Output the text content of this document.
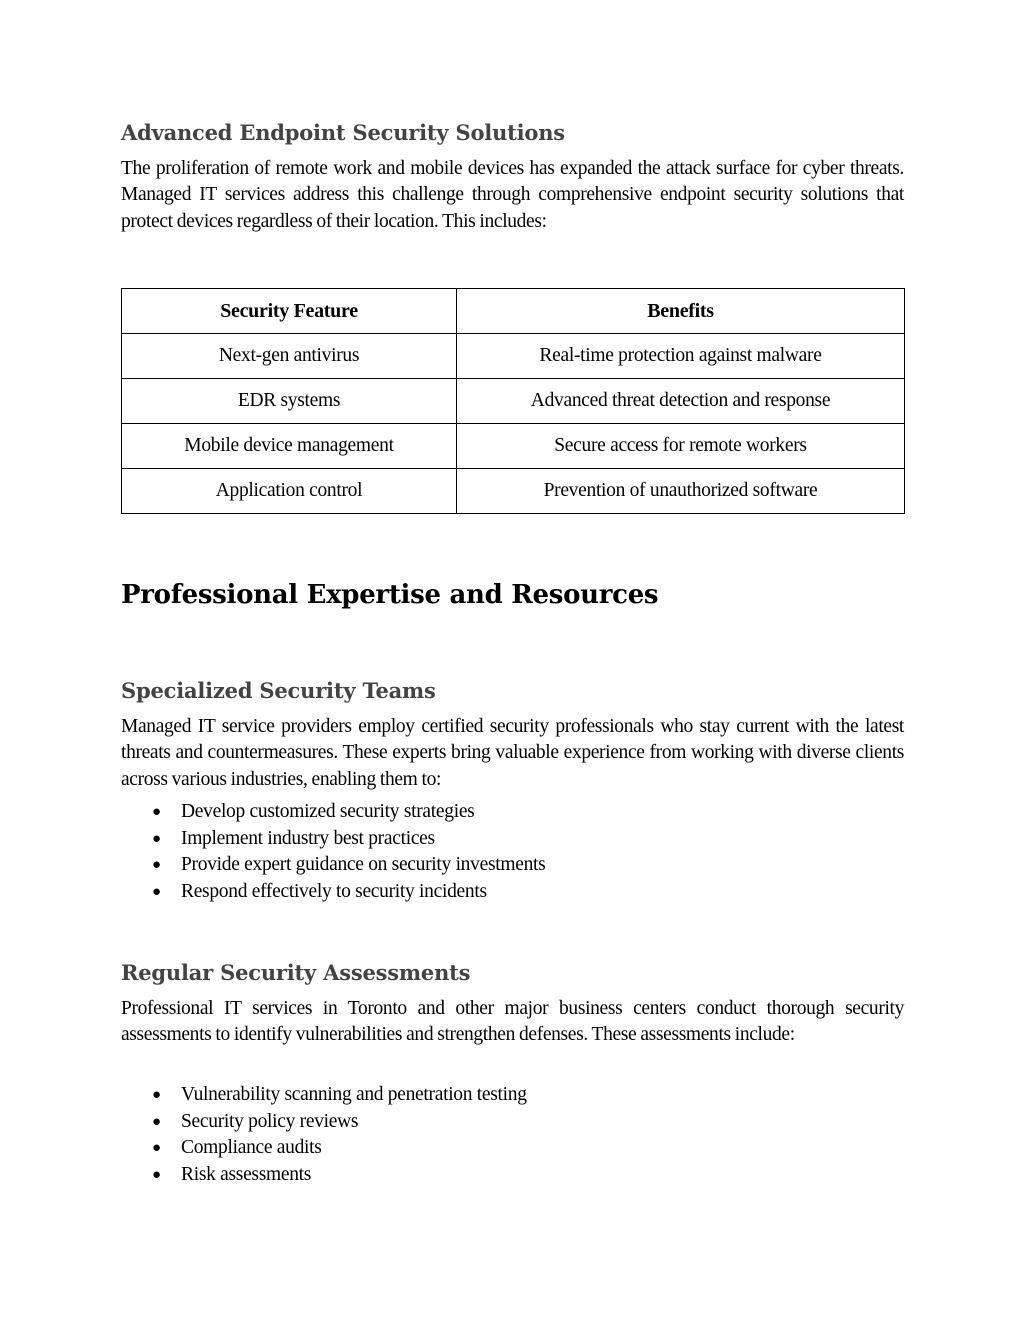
Advanced Endpoint Security Solutions

The proliferation of remote work and mobile devices has expanded the attack surface for cyber threats. Managed IT services address this challenge through comprehensive endpoint security solutions that protect devices regardless of their location. This includes:

Security Feature	Benefits
Next-gen antivirus	Real-time protection against malware
EDR systems	Advanced threat detection and response
Mobile device management	Secure access for remote workers
Application control	Prevention of unauthorized software
Professional Expertise and Resources
Specialized Security Teams

Managed IT service providers employ certified security professionals who stay current with the latest threats and countermeasures. These experts bring valuable experience from working with diverse clients across various industries, enabling them to:

● Develop customized security strategies
● Implement industry best practices
● Provide expert guidance on security investments
● Respond effectively to security incidents
Regular Security Assessments

Professional IT services in Toronto and other major business centers conduct thorough security assessments to identify vulnerabilities and strengthen defenses. These assessments include:

● Vulnerability scanning and penetration testing
● Security policy reviews
● Compliance audits
● Risk assessments
